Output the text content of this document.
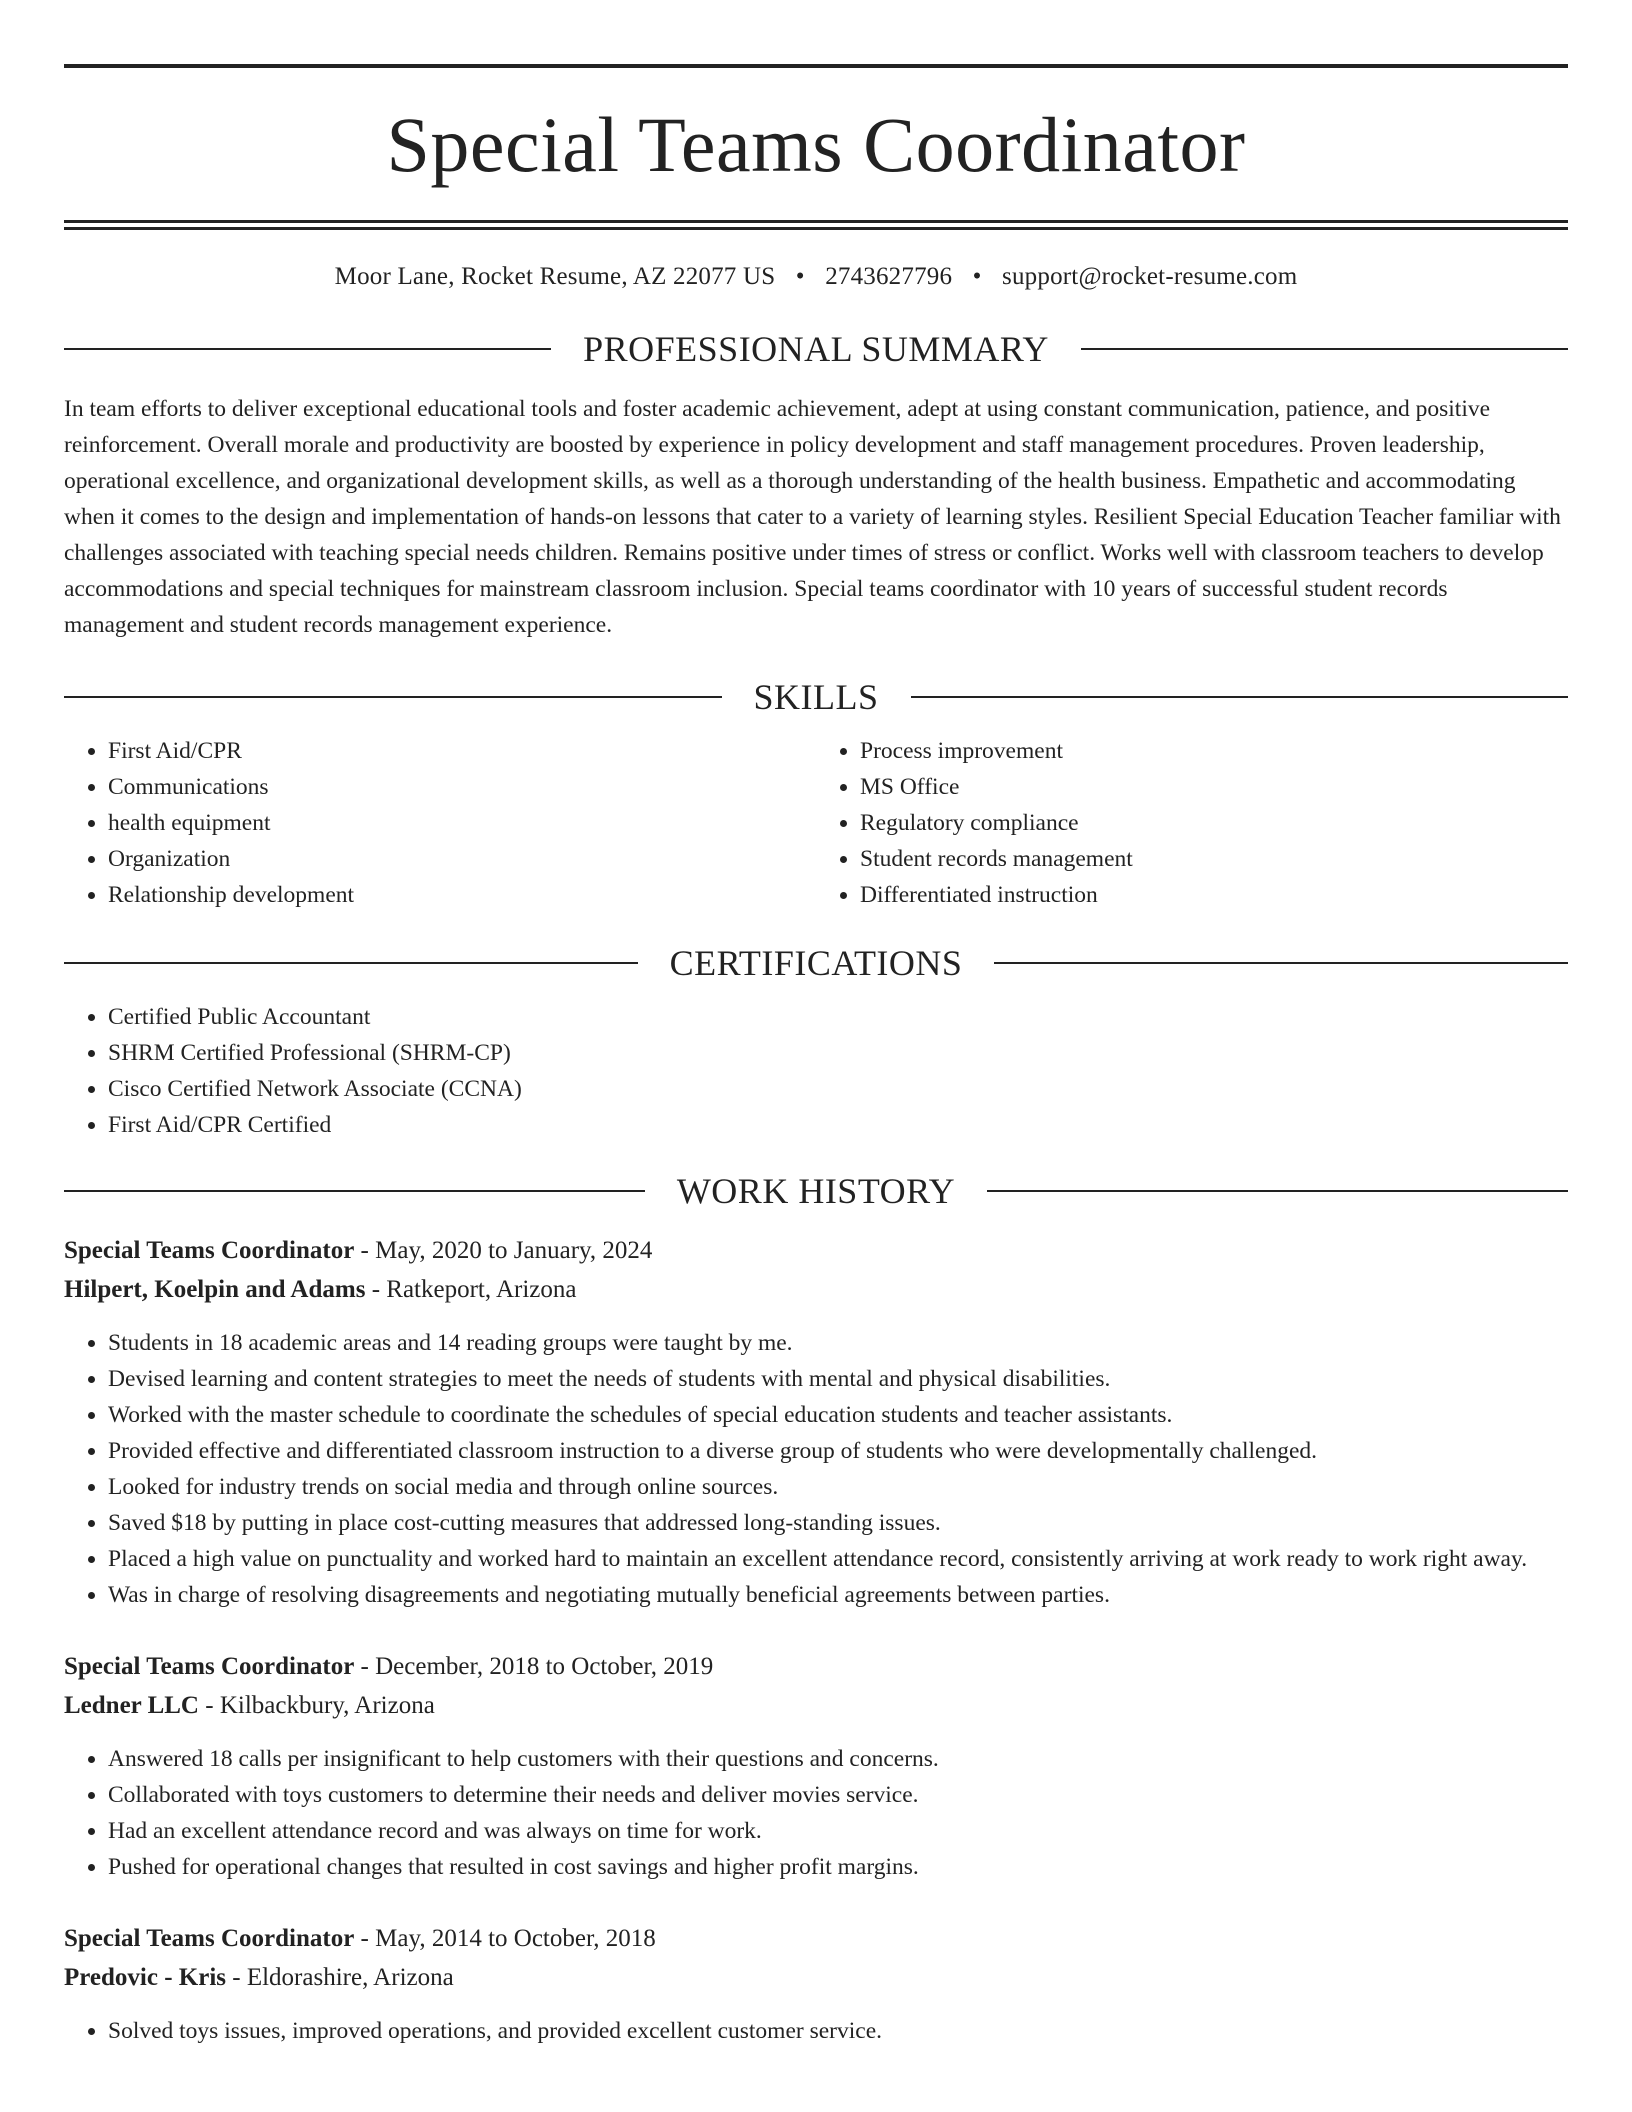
Special Teams Coordinator
Moor Lane, Rocket Resume, AZ 22077 US • 2743627796 • support@rocket-resume.com
PROFESSIONAL SUMMARY

In team efforts to deliver exceptional educational tools and foster academic achievement, adept at using constant communication, patience, and positive reinforcement. Overall morale and productivity are boosted by experience in policy development and staff management procedures. Proven leadership, operational excellence, and organizational development skills, as well as a thorough understanding of the health business. Empathetic and accommodating when it comes to the design and implementation of hands-on lessons that cater to a variety of learning styles. Resilient Special Education Teacher familiar with challenges associated with teaching special needs children. Remains positive under times of stress or conflict. Works well with classroom teachers to develop accommodations and special techniques for mainstream classroom inclusion. Special teams coordinator with 10 years of successful student records management and student records management experience.

SKILLS
• First Aid/CPR
• Communications
• health equipment
• Organization
• Relationship development
• Process improvement
• MS Office
• Regulatory compliance
• Student records management
• Differentiated instruction
CERTIFICATIONS
• Certified Public Accountant
• SHRM Certified Professional (SHRM-CP)
• Cisco Certified Network Associate (CCNA)
• First Aid/CPR Certified
WORK HISTORY
Special Teams Coordinator - May, 2020 to January, 2024
Hilpert, Koelpin and Adams - Ratkeport, Arizona
• Students in 18 academic areas and 14 reading groups were taught by me.
• Devised learning and content strategies to meet the needs of students with mental and physical disabilities.
• Worked with the master schedule to coordinate the schedules of special education students and teacher assistants.
• Provided effective and differentiated classroom instruction to a diverse group of students who were developmentally challenged.
• Looked for industry trends on social media and through online sources.
• Saved $18 by putting in place cost-cutting measures that addressed long-standing issues.
• Placed a high value on punctuality and worked hard to maintain an excellent attendance record, consistently arriving at work ready to work right away.
• Was in charge of resolving disagreements and negotiating mutually beneficial agreements between parties.
Special Teams Coordinator - December, 2018 to October, 2019
Ledner LLC - Kilbackbury, Arizona
• Answered 18 calls per insignificant to help customers with their questions and concerns.
• Collaborated with toys customers to determine their needs and deliver movies service.
• Had an excellent attendance record and was always on time for work.
• Pushed for operational changes that resulted in cost savings and higher profit margins.
Special Teams Coordinator - May, 2014 to October, 2018
Predovic - Kris - Eldorashire, Arizona
• Solved toys issues, improved operations, and provided excellent customer service.
